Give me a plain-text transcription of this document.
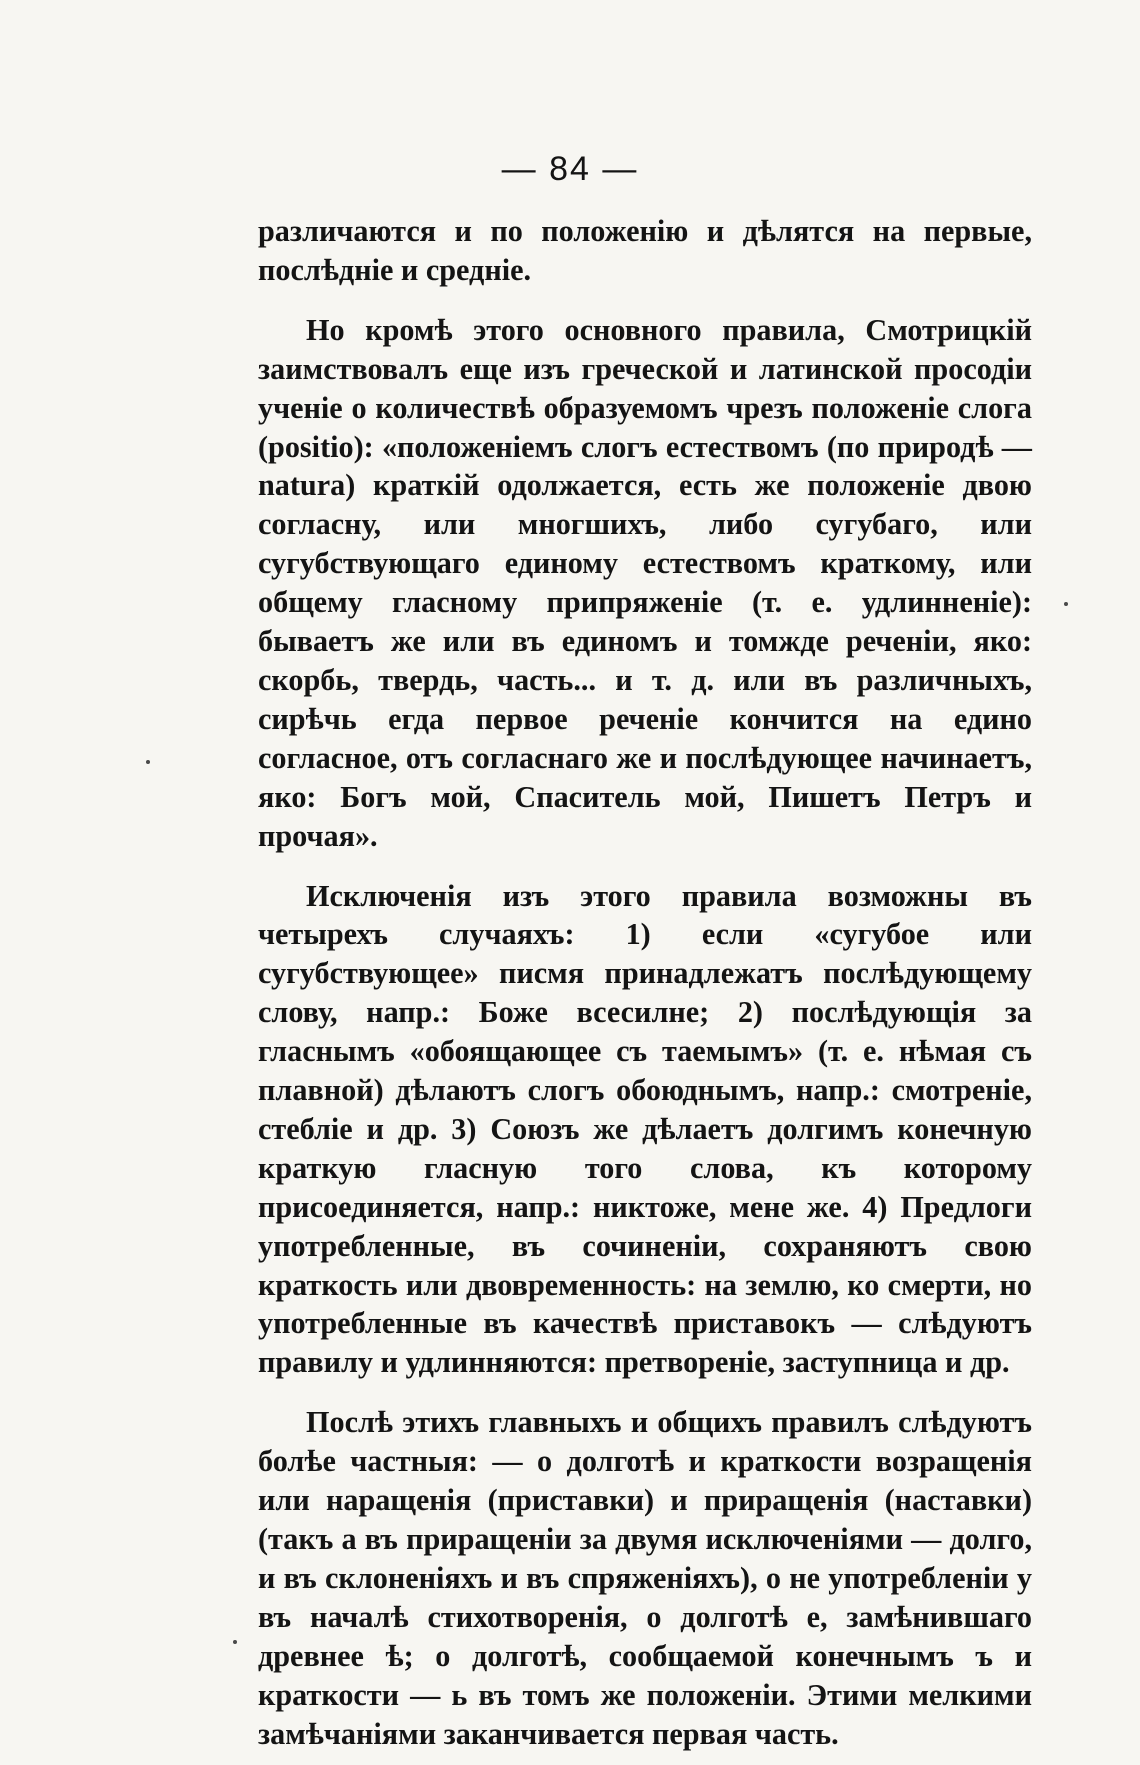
— 84 —

различаются и по положенію и дѣлятся на первые, послѣдніе и средніе.

Но кромѣ этого основного правила, Смотрицкій заимствовалъ еще изъ греческой и латинской просодіи ученіе о количествѣ образуемомъ чрезъ положеніе слога (positio): «положеніемъ слогъ естествомъ (по природѣ — natura) краткій одолжается, есть же положеніе двою согласну, или многшихъ, либо сугубаго, или сугубствующаго единому естествомъ краткому, или общему гласному припряженіе (т. е. удлинненіе): бываетъ же или въ единомъ и томжде реченіи, яко: скорбь, твердь, часть... и т. д. или въ различныхъ, сирѣчь егда первое реченіе кончится на едино согласное, отъ согласнаго же и послѣдующее начинаетъ, яко: Богъ мой, Спаситель мой, Пишетъ Петръ и прочая».

Исключенія изъ этого правила возможны въ четырехъ случаяхъ: 1) если «сугубое или сугубствующее» писмя принадлежатъ послѣдующему слову, напр.: Боже всесилне; 2) послѣдующія за гласнымъ «обоящающее съ таемымъ» (т. е. нѣмая съ плавной) дѣлаютъ слогъ обоюднымъ, напр.: смотреніе, стебліе и др. 3) Союзъ же дѣлаетъ долгимъ конечную краткую гласную того слова, къ которому присоединяется, напр.: никтоже, мене же. 4) Предлоги употребленные, въ сочиненіи, сохраняютъ свою краткость или двовременность: на землю, ко смерти, но употребленные въ качествѣ приставокъ — слѣдуютъ правилу и удлинняются: претвореніе, заступница и др.

Послѣ этихъ главныхъ и общихъ правилъ слѣдуютъ болѣе частныя: — о долготѣ и краткости возращенія или наращенія (приставки) и приращенія (наставки) (такъ а въ приращеніи за двумя исключеніями — долго, и въ склоненіяхъ и въ спряженіяхъ), о не употребленіи у въ началѣ стихотворенія, о долготѣ е, замѣнившаго древнее ѣ; о долготѣ, сообщаемой конечнымъ ъ и краткости — ь въ томъ же положеніи. Этими мелкими замѣчаніями заканчивается первая часть.
